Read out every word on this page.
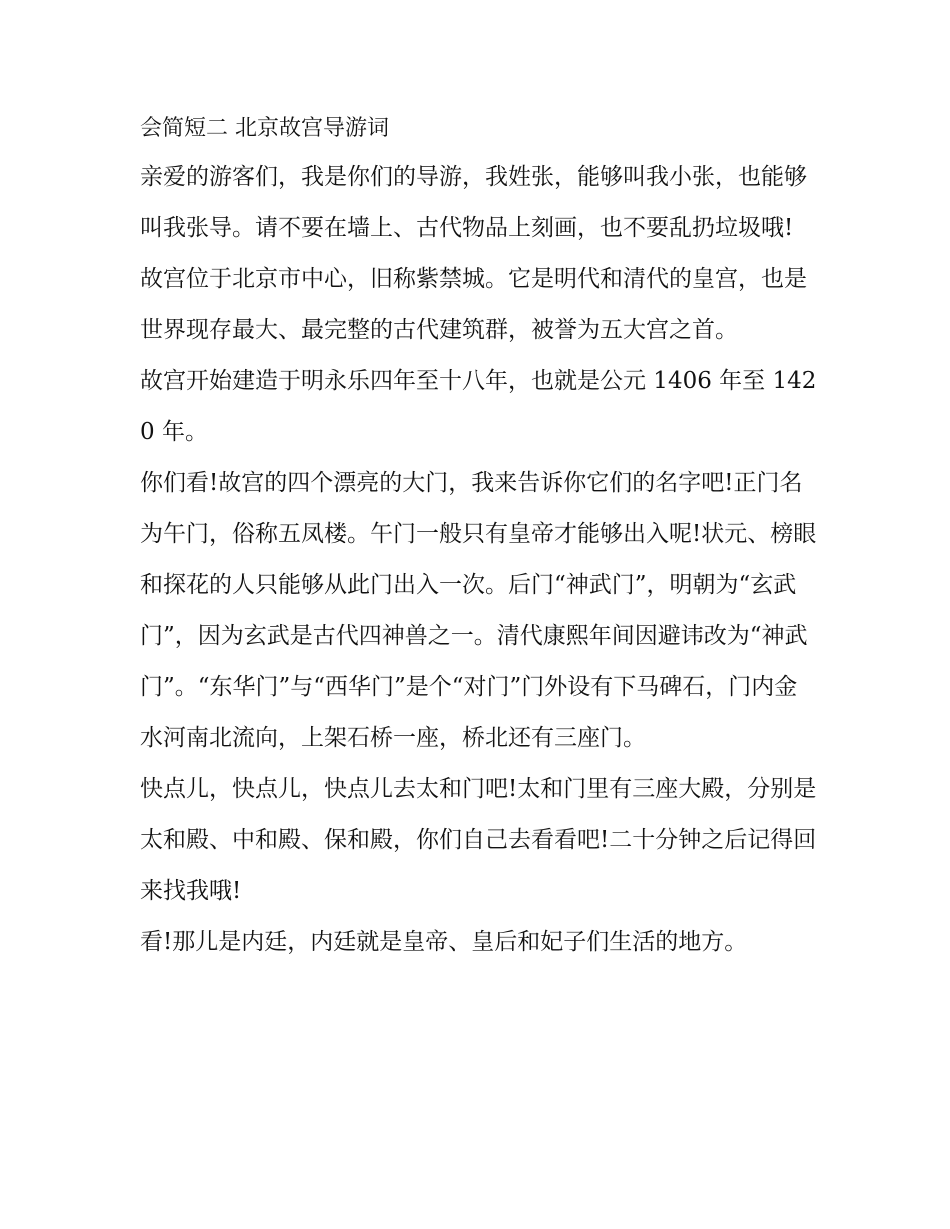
会简短二 北京故宫导游词

亲爱的游客们，我是你们的导游，我姓张，能够叫我小张，也能够叫我张导。请不要在墙上、古代物品上刻画，也不要乱扔垃圾哦!

故宫位于北京市中心，旧称紫禁城。它是明代和清代的皇宫，也是世界现存最大、最完整的古代建筑群，被誉为五大宫之首。

故宫开始建造于明永乐四年至十八年，也就是公元 1406 年至 1420 年。

你们看!故宫的四个漂亮的大门，我来告诉你它们的名字吧!正门名为午门，俗称五凤楼。午门一般只有皇帝才能够出入呢!状元、榜眼和探花的人只能够从此门出入一次。后门“神武门”，明朝为“玄武门”，因为玄武是古代四神兽之一。清代康熙年间因避讳改为“神武门”。“东华门”与“西华门”是个“对门”门外设有下马碑石，门内金水河南北流向，上架石桥一座，桥北还有三座门。

快点儿，快点儿，快点儿去太和门吧!太和门里有三座大殿，分别是太和殿、中和殿、保和殿，你们自己去看看吧!二十分钟之后记得回来找我哦!

看!那儿是内廷，内廷就是皇帝、皇后和妃子们生活的地方。
